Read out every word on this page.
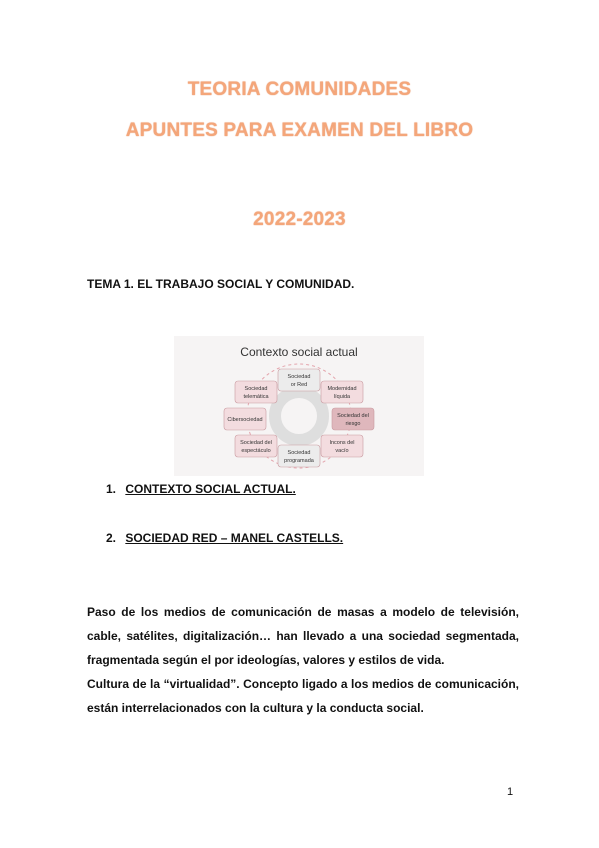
TEORIA COMUNIDADES
APUNTES PARA EXAMEN DEL LIBRO
2022-2023
TEMA 1. EL TRABAJO SOCIAL Y COMUNIDAD.
Contexto social actual
Sociedad
or Red
Modernidad
líquida
Sociedad del
riesgo
Incons del
vacío
Sociedad
programada
Sociedad del
espectáculo
Cibersociedad
Sociedad
telemática
1. CONTEXTO SOCIAL ACTUAL.
2. SOCIEDAD RED – MANEL CASTELLS.

Paso de los medios de comunicación de masas a modelo de televisión, cable, satélites, digitalización… han llevado a una sociedad segmentada, fragmentada según el por ideologías, valores y estilos de vida.

Cultura de la “virtualidad”. Concepto ligado a los medios de comunicación, están interrelacionados con la cultura y la conducta social.

1
